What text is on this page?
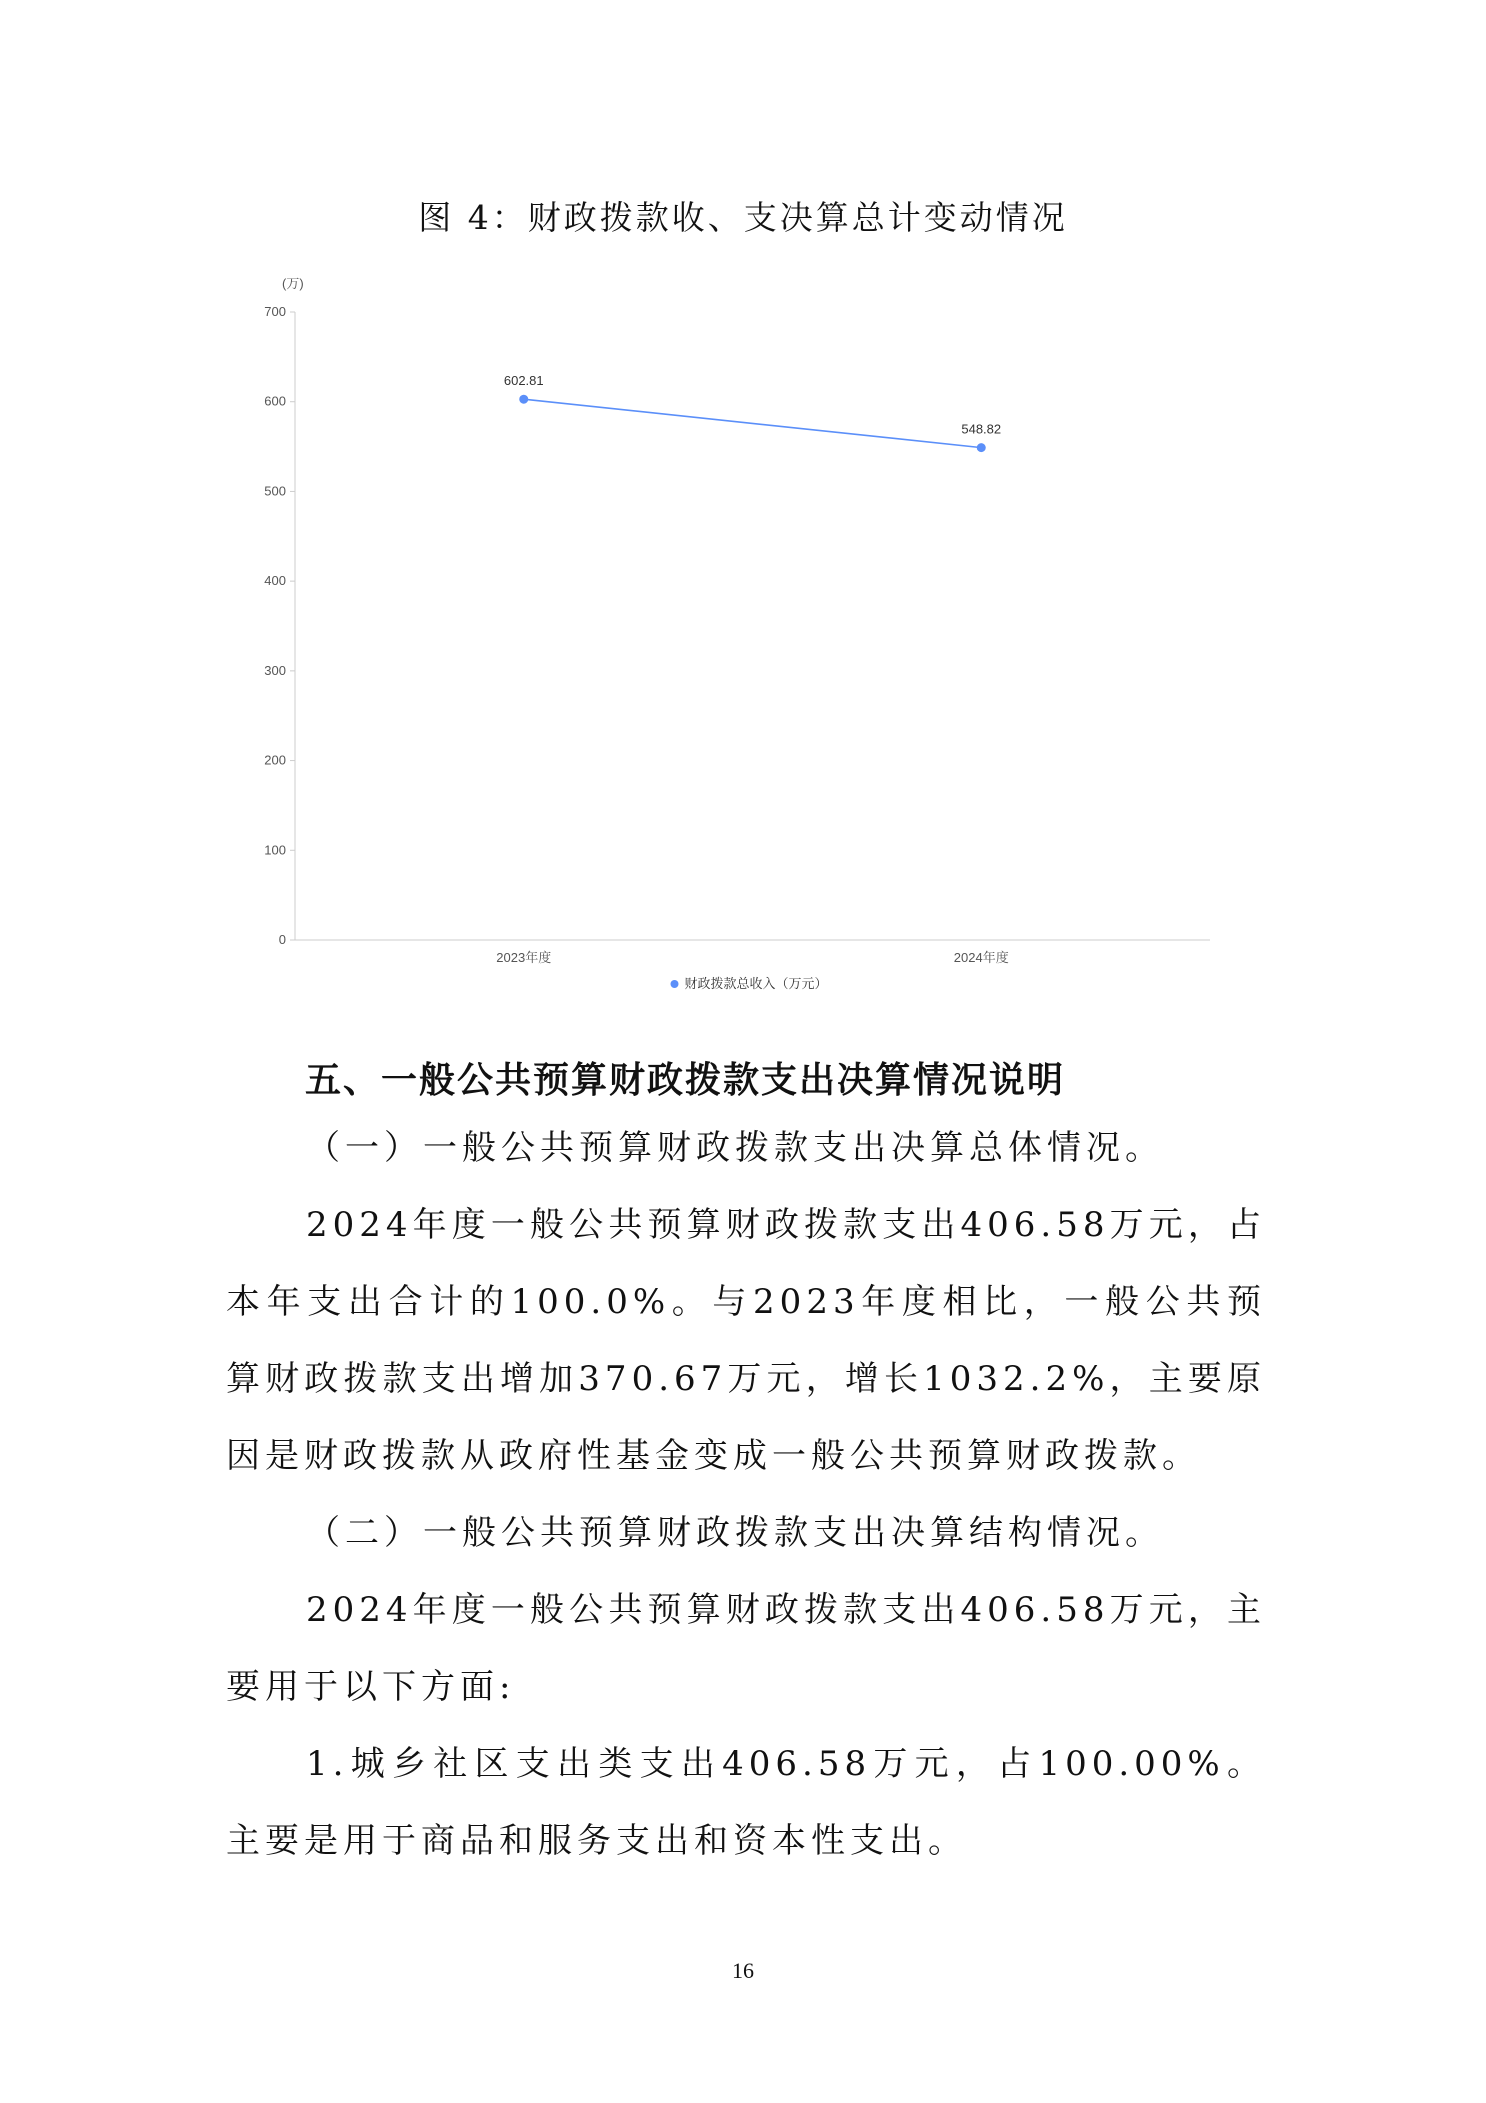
图 4：财政拨款收、支决算总计变动情况
(万)
0
100
200
300
400
500
600
700
2023年度	2024年度
602.81
548.82
财政拨款总收入（万元）
五、一般公共预算财政拨款支出决算情况说明

（一）一般公共预算财政拨款支出决算总体情况。

2024年度一般公共预算财政拨款支出406.58万元，占本年支出合计的100.0%。与2023年度相比，一般公共预算财政拨款支出增加370.67万元，增长1032.2%，主要原因是财政拨款从政府性基金变成一般公共预算财政拨款。

（二）一般公共预算财政拨款支出决算结构情况。

2024年度一般公共预算财政拨款支出406.58万元，主要用于以下方面:

1.城乡社区支出类支出406.58万元，占100.00%。主要是用于商品和服务支出和资本性支出。

16
